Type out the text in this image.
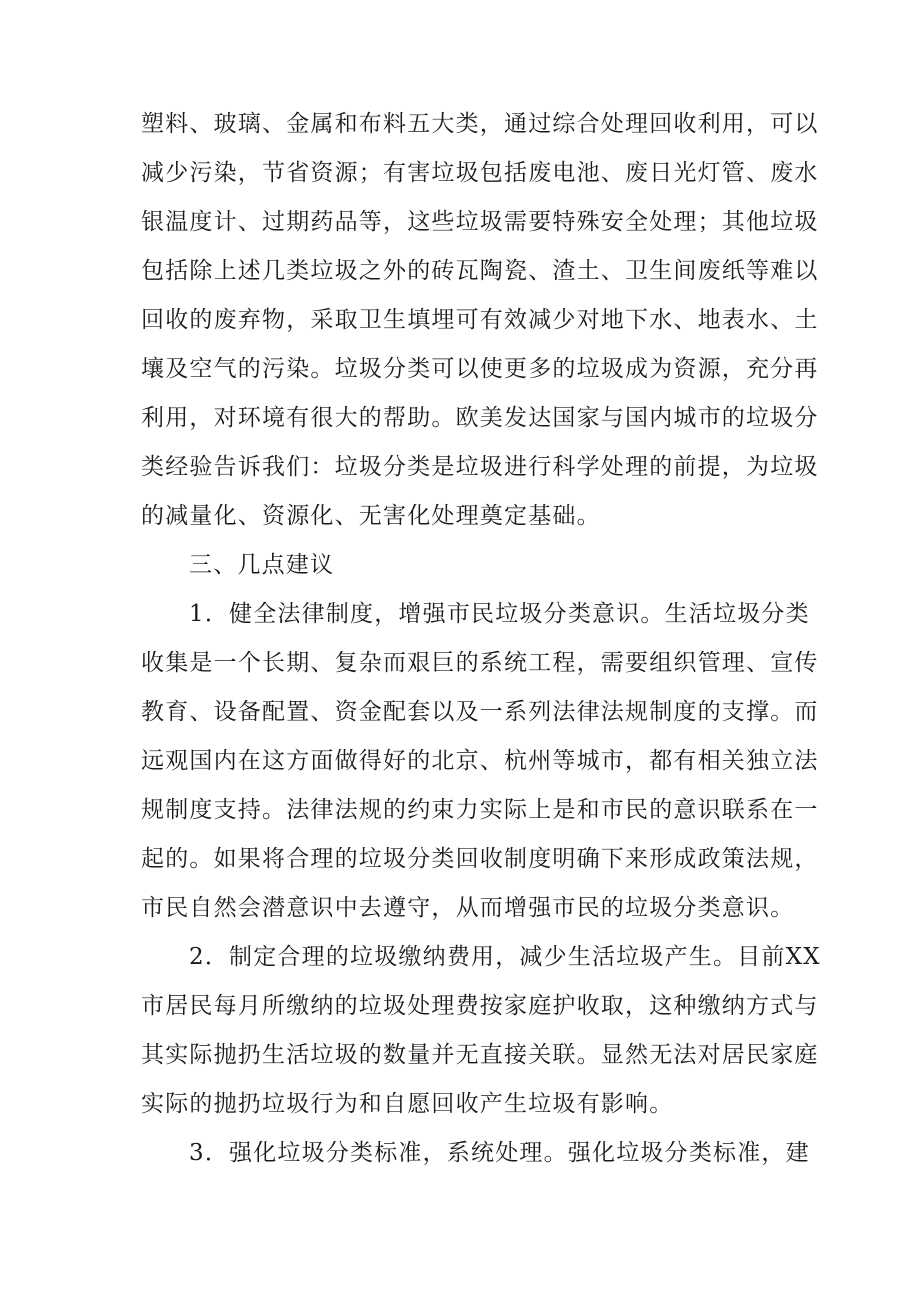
塑料、玻璃、金属和布料五大类，通过综合处理回收利用，可以
减少污染，节省资源；有害垃圾包括废电池、废日光灯管、废水
银温度计、过期药品等，这些垃圾需要特殊安全处理；其他垃圾
包括除上述几类垃圾之外的砖瓦陶瓷、渣土、卫生间废纸等难以
回收的废弃物，采取卫生填埋可有效减少对地下水、地表水、土
壤及空气的污染。垃圾分类可以使更多的垃圾成为资源，充分再
利用，对环境有很大的帮助。欧美发达国家与国内城市的垃圾分
类经验告诉我们：垃圾分类是垃圾进行科学处理的前提，为垃圾
的减量化、资源化、无害化处理奠定基础。
三、几点建议
1．健全法律制度，增强市民垃圾分类意识。生活垃圾分类
收集是一个长期、复杂而艰巨的系统工程，需要组织管理、宣传
教育、设备配置、资金配套以及一系列法律法规制度的支撑。而
远观国内在这方面做得好的北京、杭州等城市，都有相关独立法
规制度支持。法律法规的约束力实际上是和市民的意识联系在一
起的。如果将合理的垃圾分类回收制度明确下来形成政策法规，
市民自然会潜意识中去遵守，从而增强市民的垃圾分类意识。
2．制定合理的垃圾缴纳费用，减少生活垃圾产生。目前XX
市居民每月所缴纳的垃圾处理费按家庭护收取，这种缴纳方式与
其实际抛扔生活垃圾的数量并无直接关联。显然无法对居民家庭
实际的抛扔垃圾行为和自愿回收产生垃圾有影响。
3．强化垃圾分类标准，系统处理。强化垃圾分类标准，建
